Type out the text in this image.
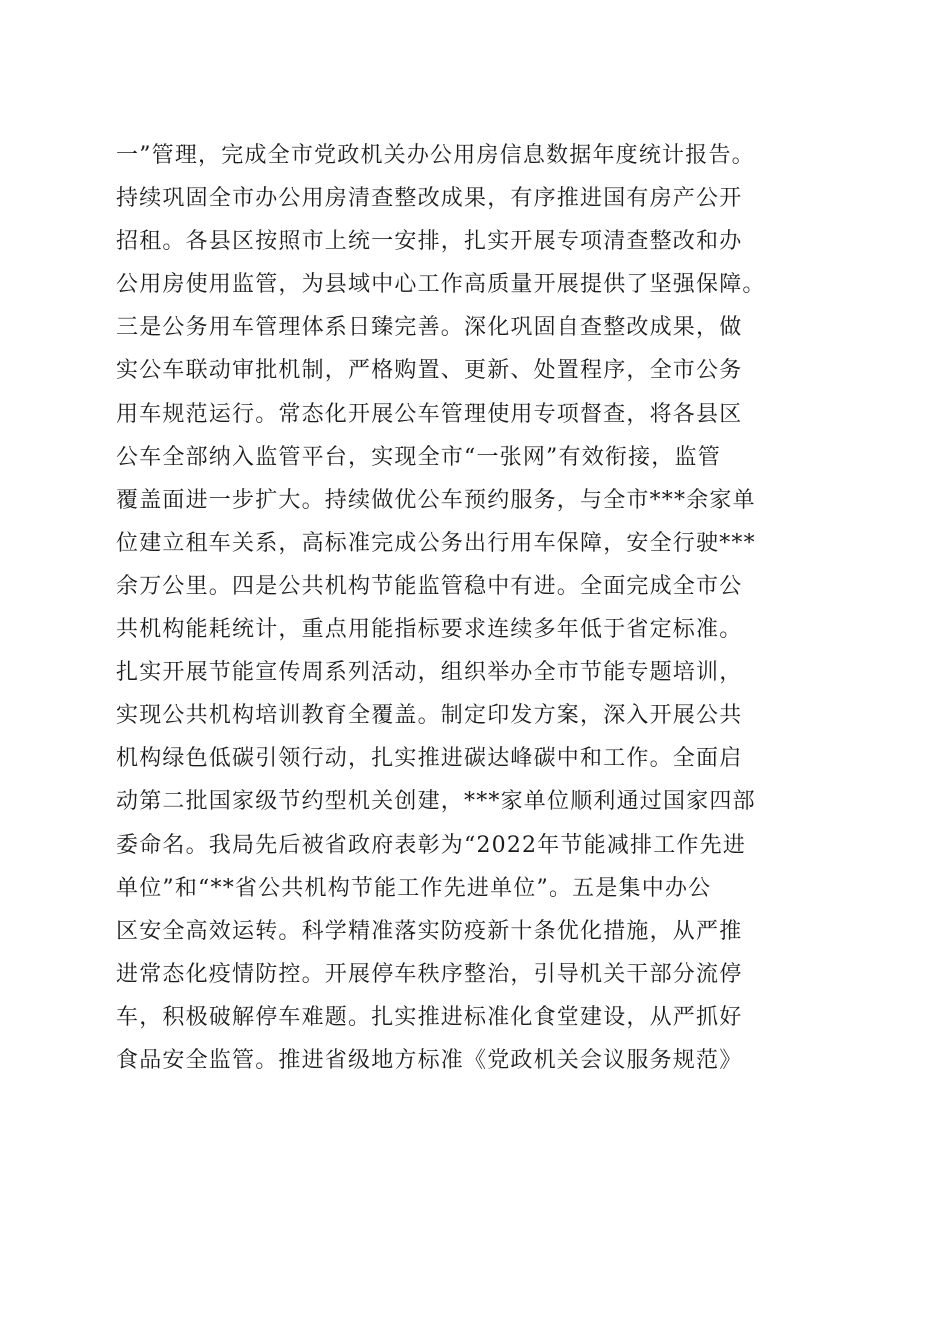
一”管理，完成全市党政机关办公用房信息数据年度统计报告。
持续巩固全市办公用房清查整改成果，有序推进国有房产公开
招租。各县区按照市上统一安排，扎实开展专项清查整改和办
公用房使用监管，为县域中心工作高质量开展提供了坚强保障。
三是公务用车管理体系日臻完善。深化巩固自查整改成果，做
实公车联动审批机制，严格购置、更新、处置程序，全市公务
用车规范运行。常态化开展公车管理使用专项督查，将各县区
公车全部纳入监管平台，实现全市“一张网”有效衔接，监管
覆盖面进一步扩大。持续做优公车预约服务，与全市***余家单
位建立租车关系，高标准完成公务出行用车保障，安全行驶***
余万公里。四是公共机构节能监管稳中有进。全面完成全市公
共机构能耗统计，重点用能指标要求连续多年低于省定标准。
扎实开展节能宣传周系列活动，组织举办全市节能专题培训，
实现公共机构培训教育全覆盖。制定印发方案，深入开展公共
机构绿色低碳引领行动，扎实推进碳达峰碳中和工作。全面启
动第二批国家级节约型机关创建，***家单位顺利通过国家四部
委命名。我局先后被省政府表彰为“2022年节能减排工作先进
单位”和“**省公共机构节能工作先进单位”。五是集中办公
区安全高效运转。科学精准落实防疫新十条优化措施，从严推
进常态化疫情防控。开展停车秩序整治，引导机关干部分流停
车，积极破解停车难题。扎实推进标准化食堂建设，从严抓好
食品安全监管。推进省级地方标准《党政机关会议服务规范》
